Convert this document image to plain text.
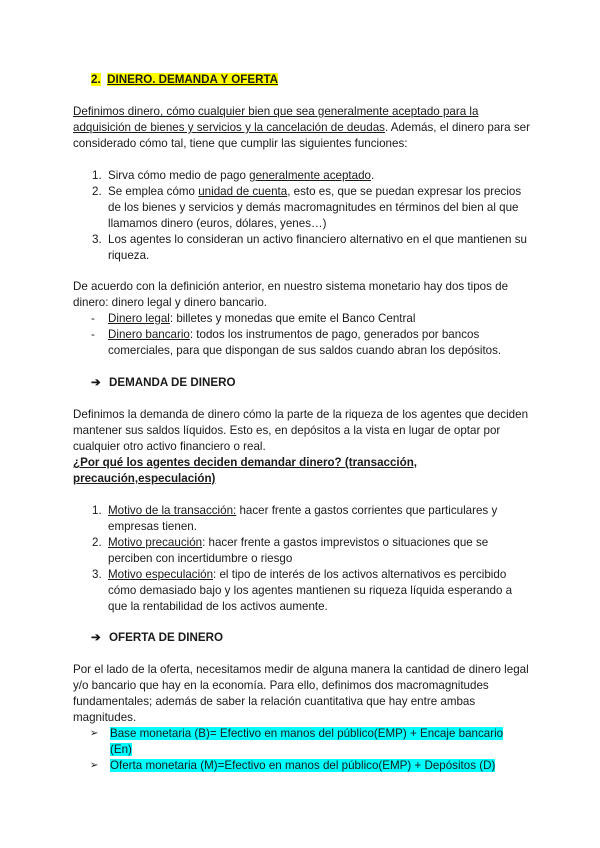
2. DINERO. DEMANDA Y OFERTA
Definimos dinero, cómo cualquier bien que sea generalmente aceptado para la adquisición de bienes y servicios y la cancelación de deudas. Además, el dinero para ser considerado cómo tal, tiene que cumplir las siguientes funciones:
1. Sirva cómo medio de pago generalmente aceptado.
2. Se emplea cómo unidad de cuenta, esto es, que se puedan expresar los precios de los bienes y servicios y demás macromagnitudes en términos del bien al que llamamos dinero (euros, dólares, yenes…)
3. Los agentes lo consideran un activo financiero alternativo en el que mantienen su riqueza.
De acuerdo con la definición anterior, en nuestro sistema monetario hay dos tipos de dinero: dinero legal y dinero bancario.
- Dinero legal: billetes y monedas que emite el Banco Central
- Dinero bancario: todos los instrumentos de pago, generados por bancos comerciales, para que dispongan de sus saldos cuando abran los depósitos.
➔ DEMANDA DE DINERO
Definimos la demanda de dinero cómo la parte de la riqueza de los agentes que deciden mantener sus saldos líquidos. Esto es, en depósitos a la vista en lugar de optar por cualquier otro activo financiero o real.
¿Por qué los agentes deciden demandar dinero? (transacción, precaución,especulación)
1. Motivo de la transacción: hacer frente a gastos corrientes que particulares y empresas tienen.
2. Motivo precaución: hacer frente a gastos imprevistos o situaciones que se perciben con incertidumbre o riesgo
3. Motivo especulación: el tipo de interés de los activos alternativos es percibido cómo demasiado bajo y los agentes mantienen su riqueza líquida esperando a que la rentabilidad de los activos aumente.
➔ OFERTA DE DINERO
Por el lado de la oferta, necesitamos medir de alguna manera la cantidad de dinero legal y/o bancario que hay en la economía. Para ello, definimos dos macromagnitudes fundamentales; además de saber la relación cuantitativa que hay entre ambas magnitudes.
➢ Base monetaria (B)= Efectivo en manos del público(EMP) + Encaje bancario (En)
➢ Oferta monetaria (M)=Efectivo en manos del público(EMP) + Depósitos (D)
